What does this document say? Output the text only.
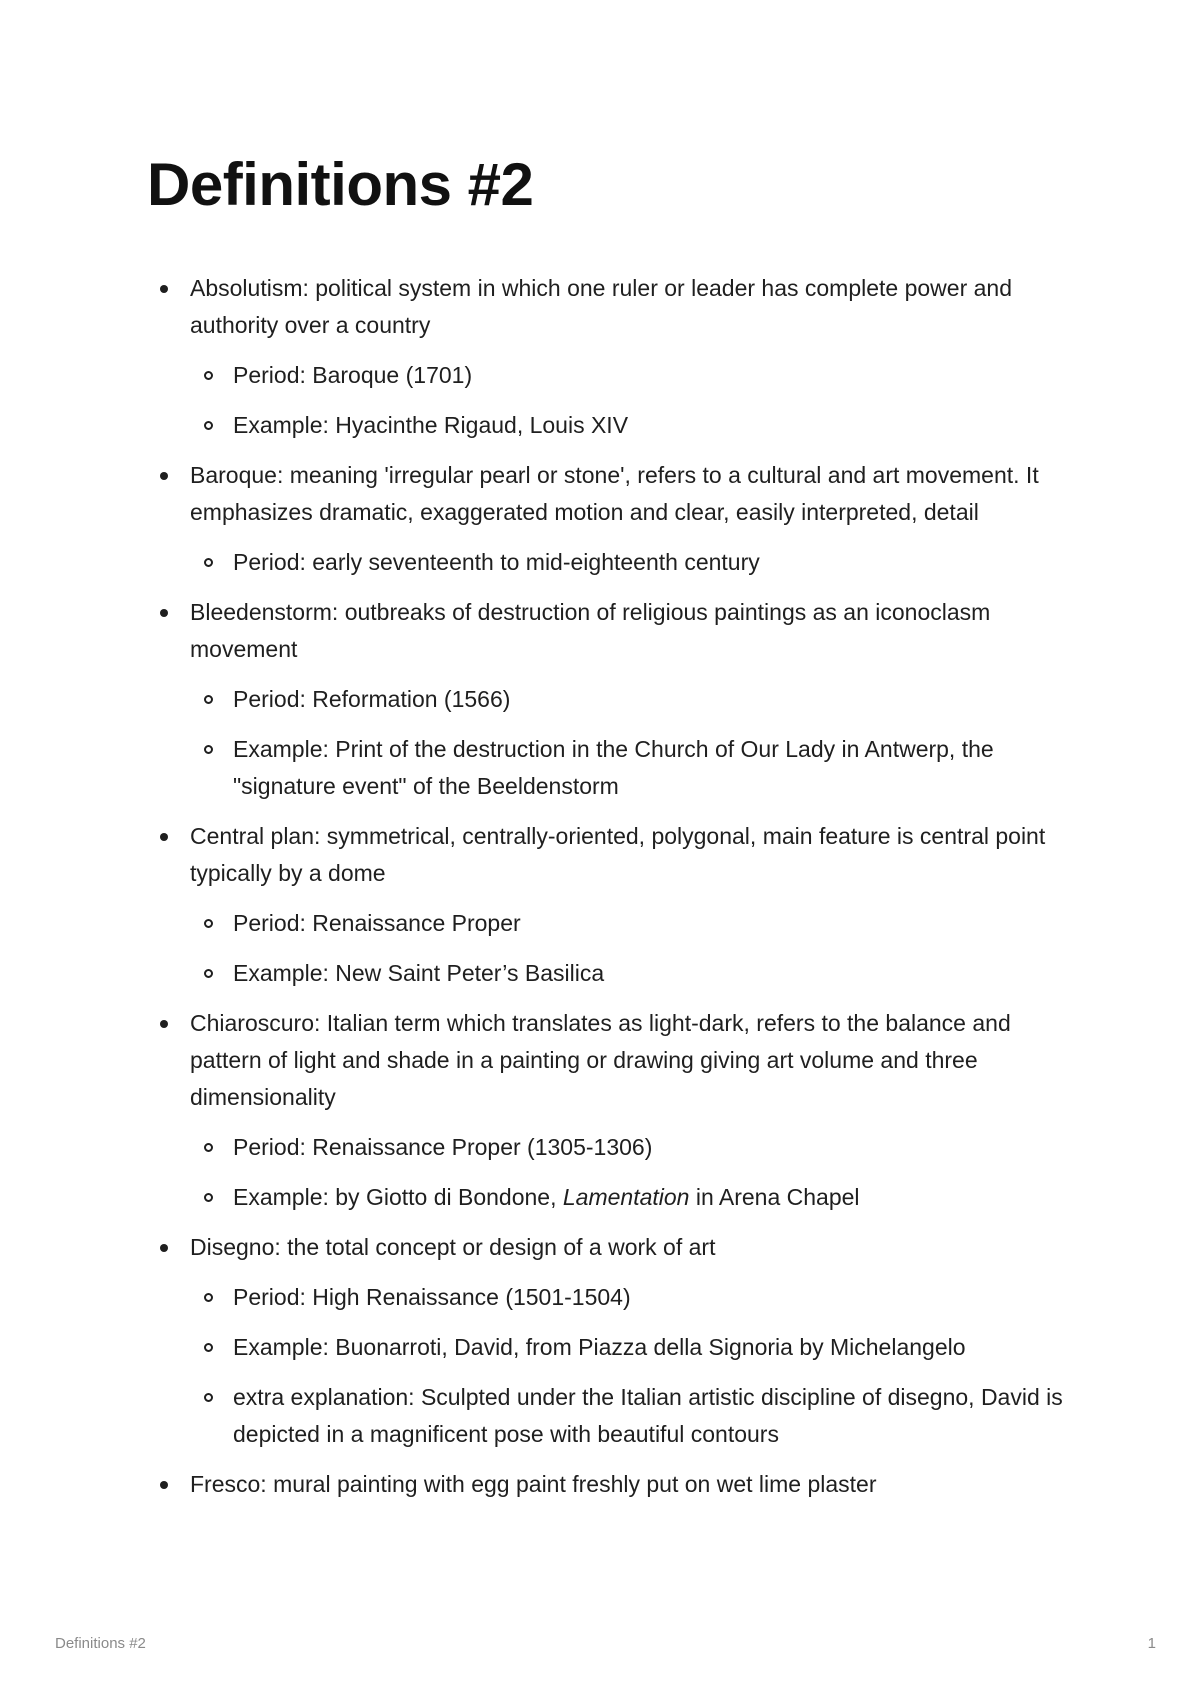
Definitions #2
Absolutism: political system in which one ruler or leader has complete power and authority over a country
Period: Baroque (1701)
Example: Hyacinthe Rigaud, Louis XIV
Baroque: meaning 'irregular pearl or stone', refers to a cultural and art movement. It emphasizes dramatic, exaggerated motion and clear, easily interpreted, detail
Period: early seventeenth to mid-eighteenth century
Bleedenstorm: outbreaks of destruction of religious paintings as an iconoclasm movement
Period: Reformation (1566)
Example: Print of the destruction in the Church of Our Lady in Antwerp, the "signature event" of the Beeldenstorm
Central plan: symmetrical, centrally-oriented, polygonal, main feature is central point typically by a dome
Period: Renaissance Proper
Example: New Saint Peter’s Basilica
Chiaroscuro: Italian term which translates as light-dark, refers to the balance and pattern of light and shade in a painting or drawing giving art volume and three dimensionality
Period: Renaissance Proper (1305-1306)
Example: by Giotto di Bondone, Lamentation in Arena Chapel
Disegno: the total concept or design of a work of art
Period: High Renaissance (1501-1504)
Example: Buonarroti, David, from Piazza della Signoria by Michelangelo
extra explanation: Sculpted under the Italian artistic discipline of disegno, David is depicted in a magnificent pose with beautiful contours
Fresco: mural painting with egg paint freshly put on wet lime plaster
Definitions #2	1
